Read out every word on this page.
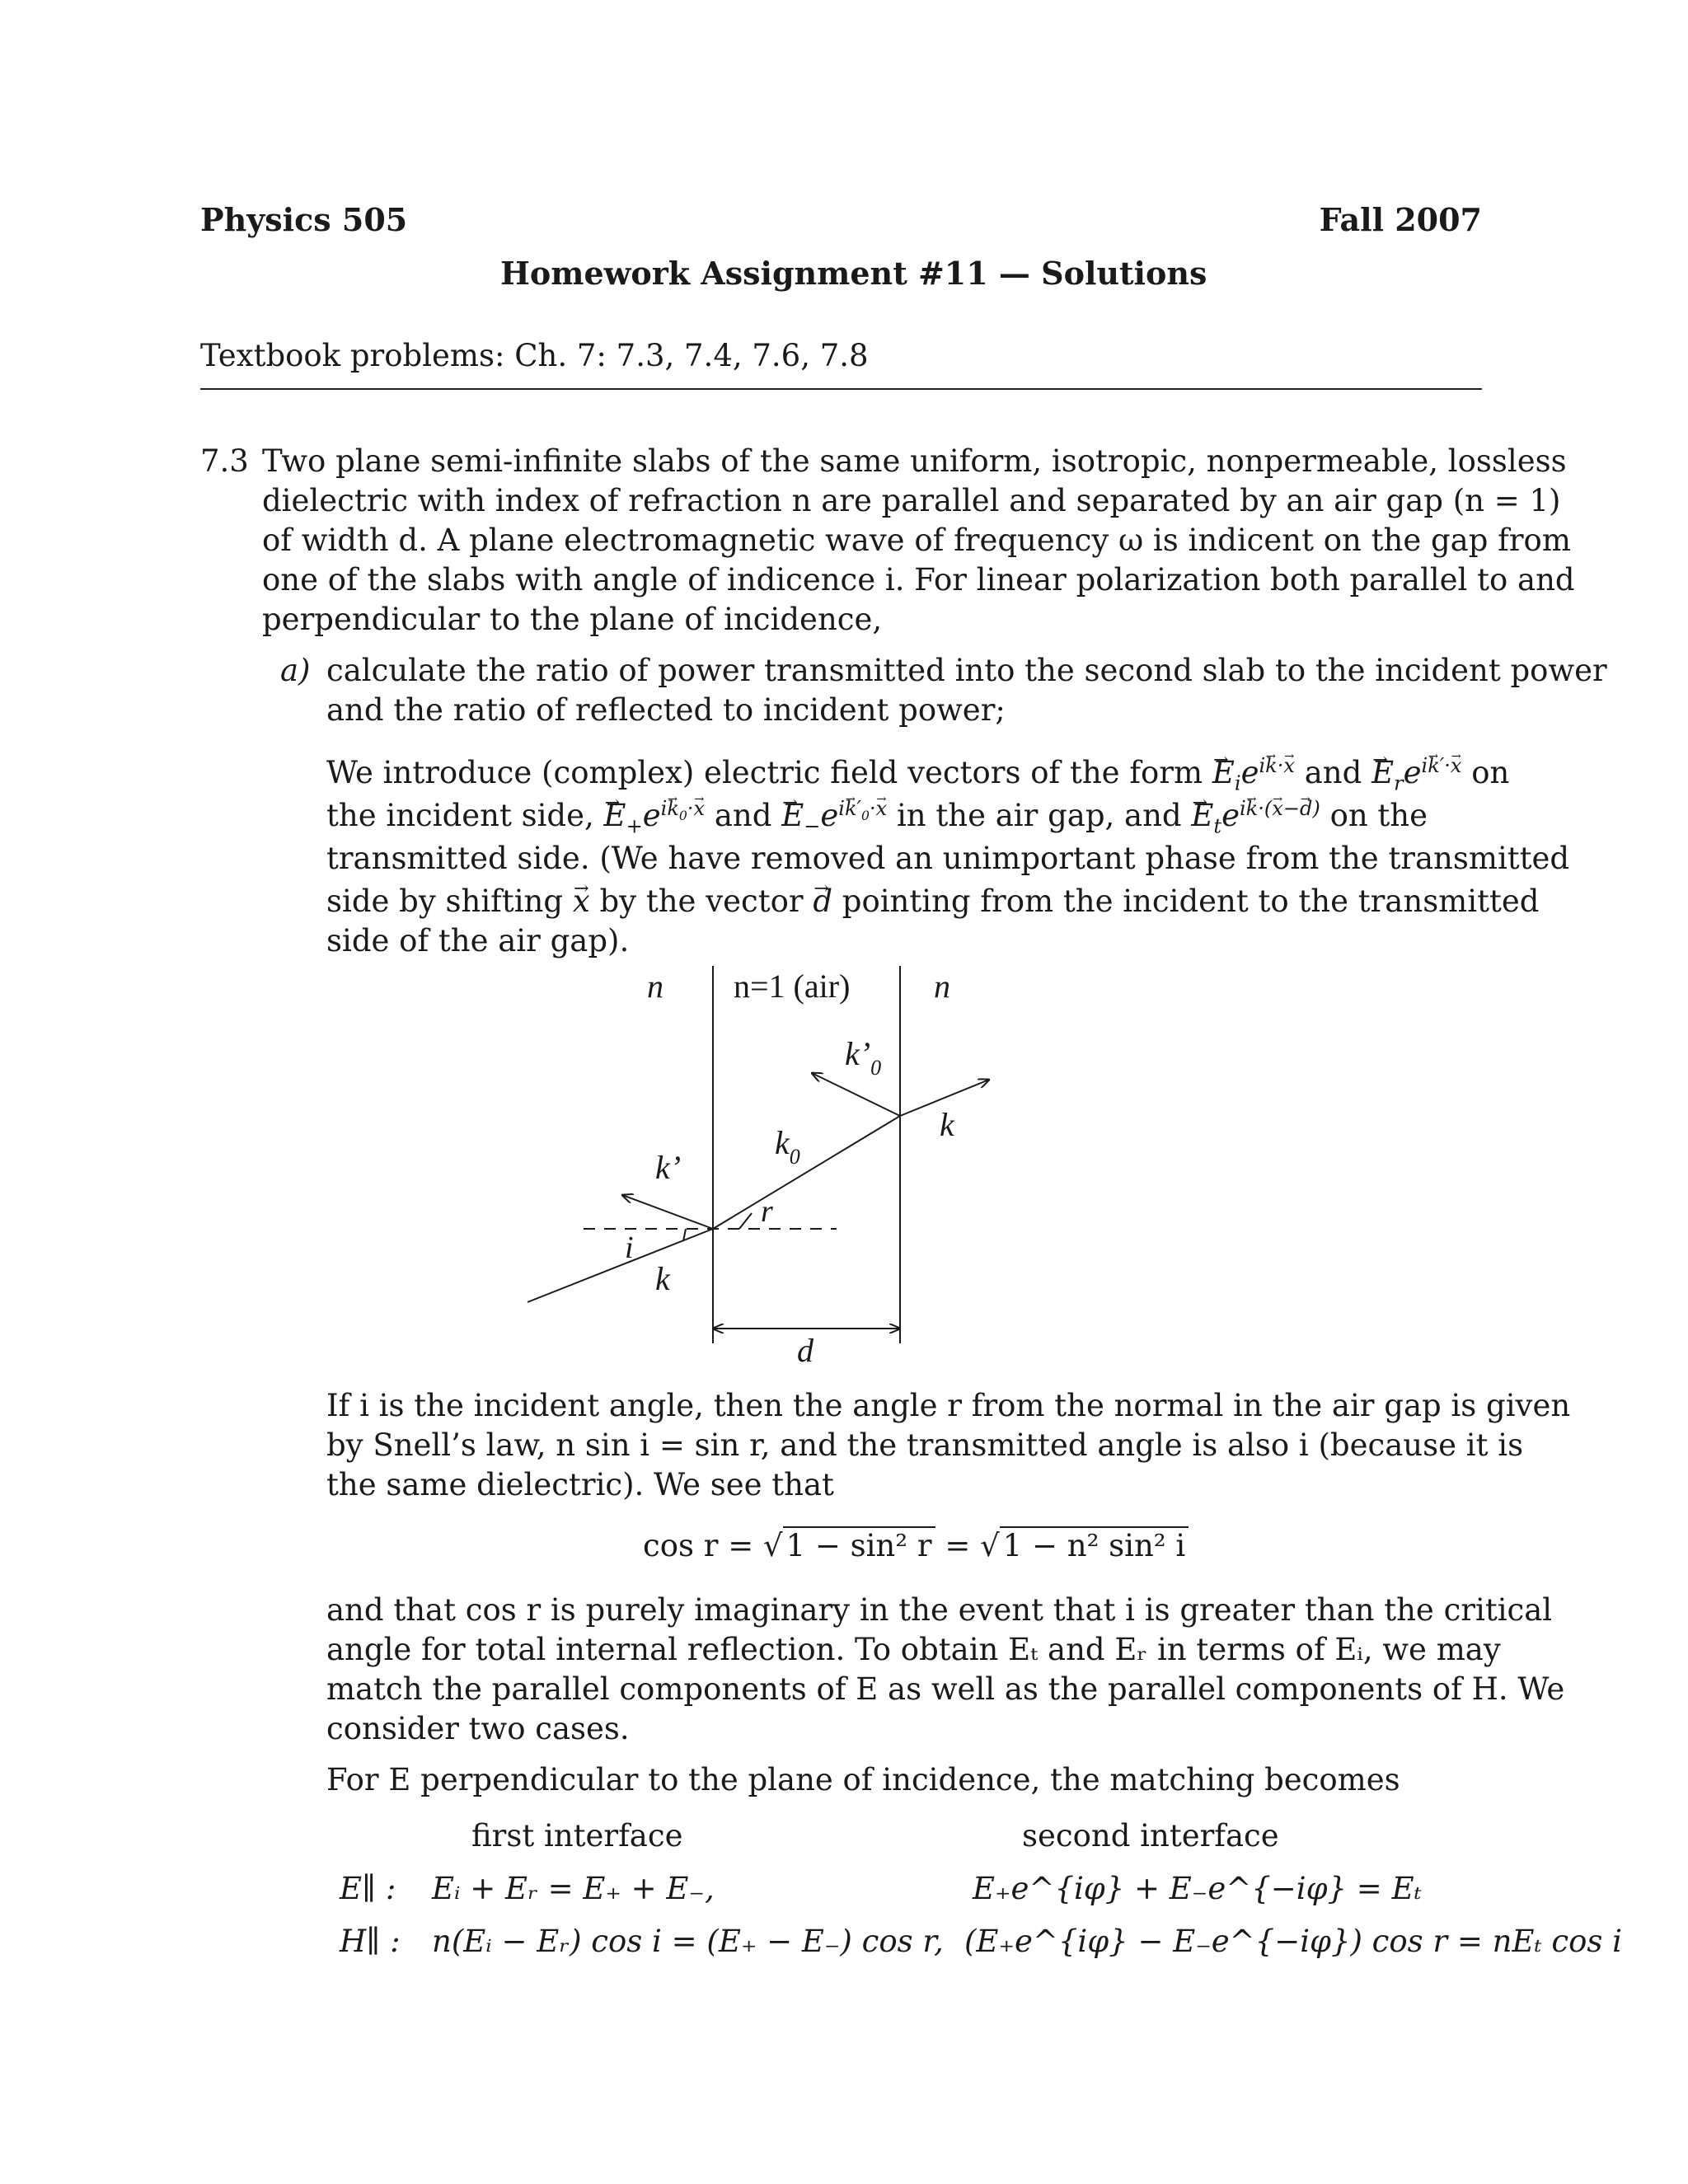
Physics 505	Fall 2007
Homework Assignment #11 — Solutions
Textbook problems: Ch. 7: 7.3, 7.4, 7.6, 7.8
7.3 Two plane semi-infinite slabs of the same uniform, isotropic, nonpermeable, lossless
dielectric with index of refraction n are parallel and separated by an air gap (n = 1)
of width d. A plane electromagnetic wave of frequency ω is indicent on the gap from
one of the slabs with angle of indicence i. For linear polarization both parallel to and
perpendicular to the plane of incidence,
a) calculate the ratio of power transmitted into the second slab to the incident power
and the ratio of reflected to incident power;
We introduce (complex) electric field vectors of the form → $E_ie^{ik\cdot x}$ and → $E_re^{ik'\cdot x}$ on
the incident side, → $E_+e^{ik_0\cdot x}$ and → $E_-e^{ik'_0\cdot x}$ in the air gap, and → $E_te^{ik\cdot(x-d)}$ on the
transmitted side. (We have removed an unimportant phase from the transmitted
side by shifting → x by the vector → d pointing from the incident to the transmitted
side of the air gap).
n n=1 (air)	n
$k’_0$
k
$k_0$
k’
r
i
k
d
If i is the incident angle, then the angle r from the normal in the air gap is given
by Snell’s law, n sin i = sin r, and the transmitted angle is also i (because it is
the same dielectric). We see that
cos r = √ 1 − sin² r = √ 1 − n² sin² i
and that cos r is purely imaginary in the event that i is greater than the critical
angle for total internal reflection. To obtain Eₜ and Eᵣ in terms of Eᵢ, we may
match the parallel components of E as well as the parallel components of H. We
consider two cases.
For E perpendicular to the plane of incidence, the matching becomes
first interface	second interface
E∥ : Eᵢ + Eᵣ = E₊ + E₋,	E₊e^{iφ} + E₋e^{−iφ} = Eₜ
H∥ : n(Eᵢ − Eᵣ) cos i = (E₊ − E₋) cos r, (E₊e^{iφ} − E₋e^{−iφ}) cos r = nEₜ cos i
